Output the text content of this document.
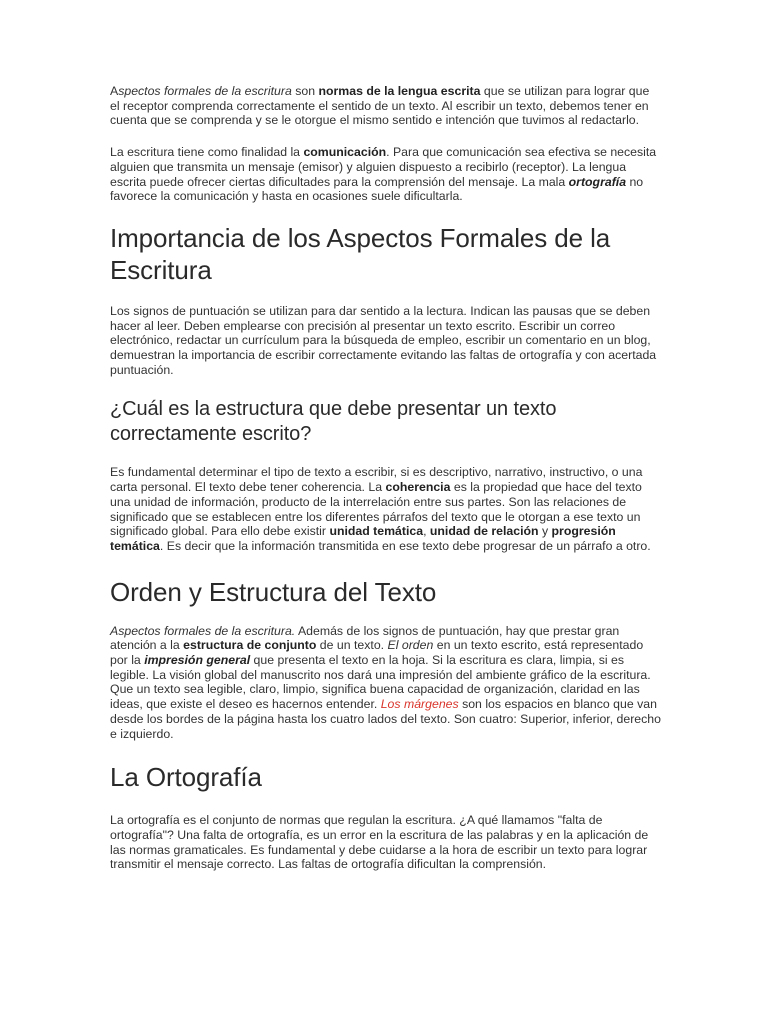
Aspectos formales de la escritura son normas de la lengua escrita que se utilizan para lograr que el receptor comprenda correctamente el sentido de un texto. Al escribir un texto, debemos tener en cuenta que se comprenda y se le otorgue el mismo sentido e intención que tuvimos al redactarlo.

La escritura tiene como finalidad la comunicación. Para que comunicación sea efectiva se necesita alguien que transmita un mensaje (emisor) y alguien dispuesto a recibirlo (receptor). La lengua escrita puede ofrecer ciertas dificultades para la comprensión del mensaje. La mala ortografía no favorece la comunicación y hasta en ocasiones suele dificultarla.

Importancia de los Aspectos Formales de la Escritura

Los signos de puntuación se utilizan para dar sentido a la lectura. Indican las pausas que se deben hacer al leer. Deben emplearse con precisión al presentar un texto escrito. Escribir un correo electrónico, redactar un currículum para la búsqueda de empleo, escribir un comentario en un blog, demuestran la importancia de escribir correctamente evitando las faltas de ortografía y con acertada puntuación.

¿Cuál es la estructura que debe presentar un texto correctamente escrito?

Es fundamental determinar el tipo de texto a escribir, si es descriptivo, narrativo, instructivo, o una carta personal. El texto debe tener coherencia. La coherencia es la propiedad que hace del texto una unidad de información, producto de la interrelación entre sus partes. Son las relaciones de significado que se establecen entre los diferentes párrafos del texto que le otorgan a ese texto un significado global. Para ello debe existir unidad temática, unidad de relación y progresión temática. Es decir que la información transmitida en ese texto debe progresar de un párrafo a otro.

Orden y Estructura del Texto

Aspectos formales de la escritura. Además de los signos de puntuación, hay que prestar gran atención a la estructura de conjunto de un texto. El orden en un texto escrito, está representado por la impresión general que presenta el texto en la hoja. Si la escritura es clara, limpia, si es legible. La visión global del manuscrito nos dará una impresión del ambiente gráfico de la escritura. Que un texto sea legible, claro, limpio, significa buena capacidad de organización, claridad en las ideas, que existe el deseo es hacernos entender. Los márgenes son los espacios en blanco que van desde los bordes de la página hasta los cuatro lados del texto. Son cuatro: Superior, inferior, derecho e izquierdo.

La Ortografía

La ortografía es el conjunto de normas que regulan la escritura. ¿A qué llamamos "falta de ortografía"? Una falta de ortografía, es un error en la escritura de las palabras y en la aplicación de las normas gramaticales. Es fundamental y debe cuidarse a la hora de escribir un texto para lograr transmitir el mensaje correcto. Las faltas de ortografía dificultan la comprensión.
